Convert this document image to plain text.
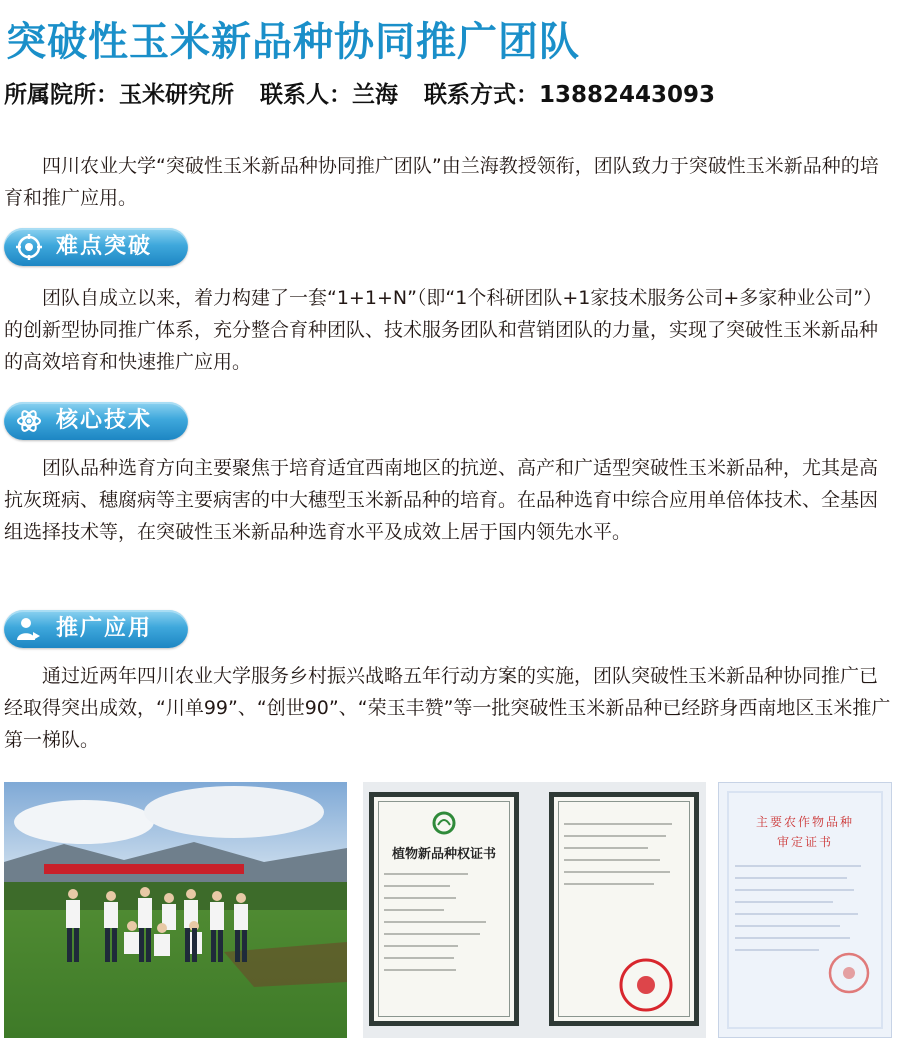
突破性玉米新品种协同推广团队

所属院所：玉米研究所 联系人：兰海 联系方式：13882443093

四川农业大学“突破性玉米新品种协同推广团队”由兰海教授领衔，团队致力于突破性玉米新品种的培育和推广应用。

难点突破

团队自成立以来，着力构建了一套“1+1+N”（即“1个科研团队+1家技术服务公司+多家种业公司”）的创新型协同推广体系，充分整合育种团队、技术服务团队和营销团队的力量，实现了突破性玉米新品种的高效培育和快速推广应用。

核心技术

团队品种选育方向主要聚焦于培育适宜西南地区的抗逆、高产和广适型突破性玉米新品种，尤其是高抗灰斑病、穗腐病等主要病害的中大穗型玉米新品种的培育。在品种选育中综合应用单倍体技术、全基因组选择技术等，在突破性玉米新品种选育水平及成效上居于国内领先水平。

推广应用

通过近两年四川农业大学服务乡村振兴战略五年行动方案的实施，团队突破性玉米新品种协同推广已经取得突出成效，“川单99”、“创世90”、“荣玉丰赞”等一批突破性玉米新品种已经跻身西南地区玉米推广第一梯队。

植物新品种权证书
主要农作物品种
审定证书
